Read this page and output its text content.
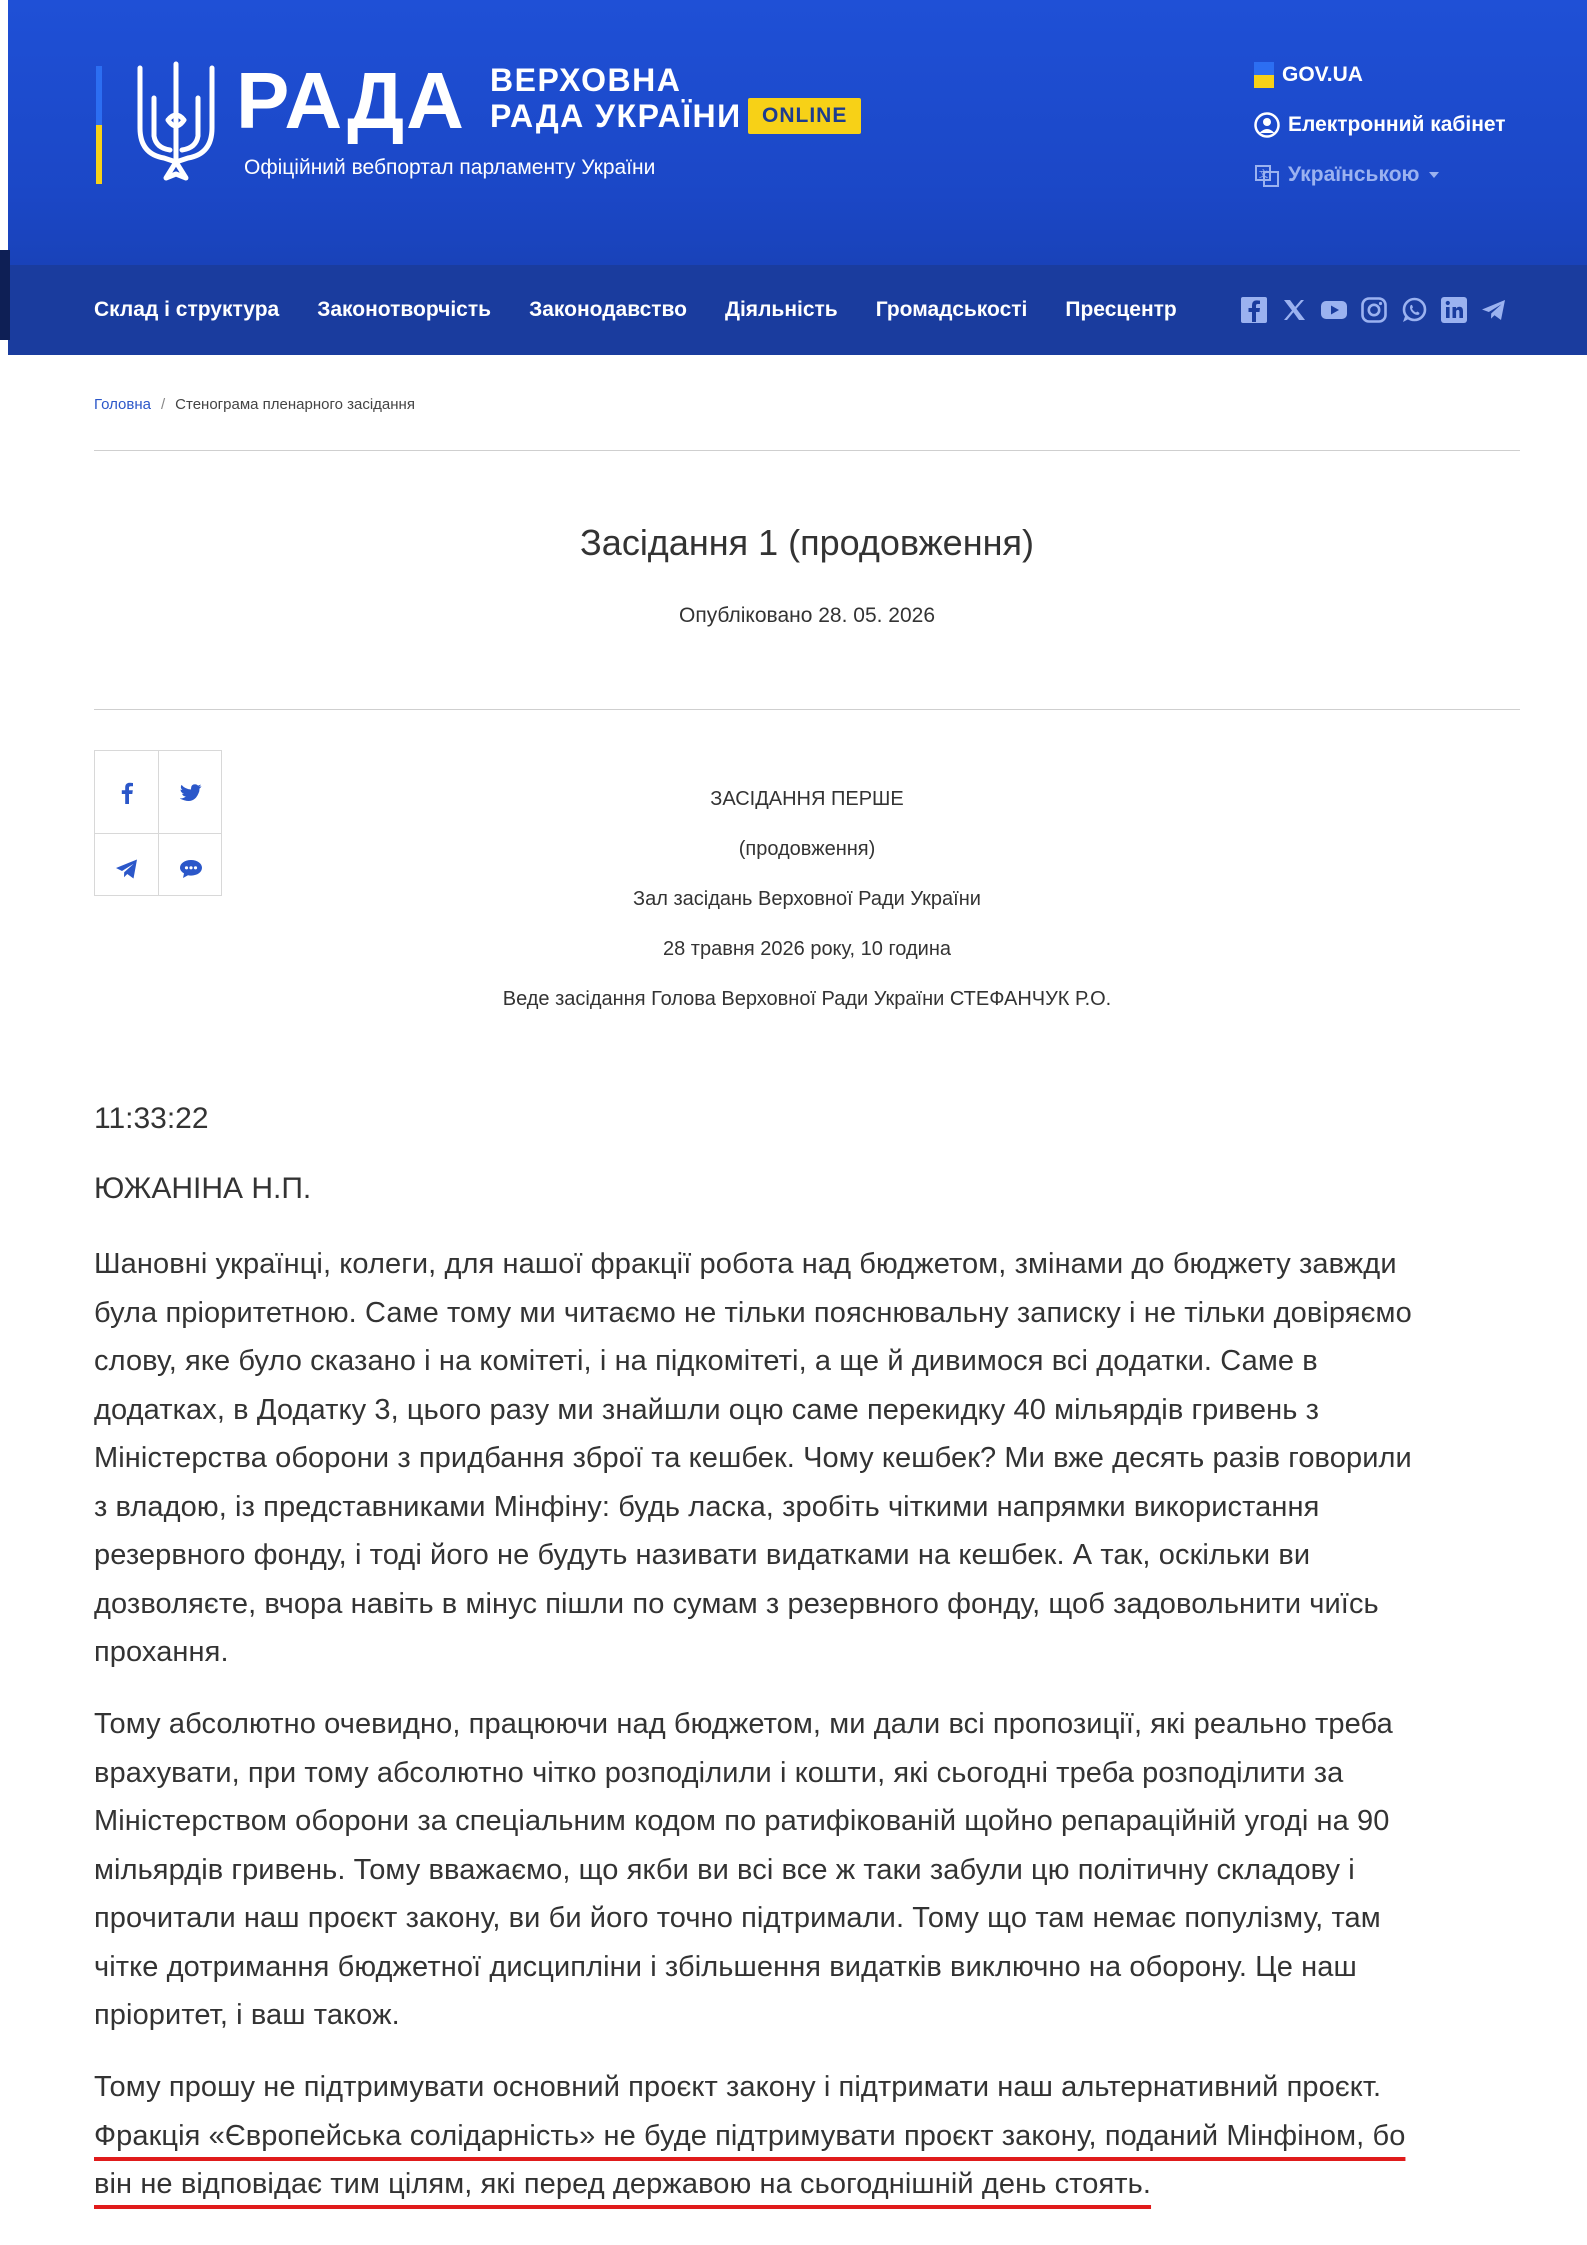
РАДА ВЕРХОВНА
РАДА УКРАЇНИ ONLINE
Офіційний вебпортал парламенту України
GOV.UA
Електронний кабінет
文 Українською
Склад і структура Законотворчість Законодавство Діяльність Громадськості Пресцентр
Головна / Стенограма пленарного засідання
Засідання 1 (продовження)
Опубліковано 28. 05. 2026
ЗАСІДАННЯ ПЕРШЕ
(продовження)
Зал засідань Верховної Ради України
28 травня 2026 року, 10 година
Веде засідання Голова Верховної Ради України СТЕФАНЧУК Р.О.
11:33:22
ЮЖАНІНА Н.П.

Шановні українці, колеги, для нашої фракції робота над бюджетом, змінами до бюджету завжди була пріоритетною. Саме тому ми читаємо не тільки пояснювальну записку і не тільки довіряємо слову, яке було сказано і на комітеті, і на підкомітеті, а ще й дивимося всі додатки. Саме в додатках, в Додатку 3, цього разу ми знайшли оцю саме перекидку 40 мільярдів гривень з Міністерства оборони з придбання зброї та кешбек. Чому кешбек? Ми вже десять разів говорили з владою, із представниками Мінфіну: будь ласка, зробіть чіткими напрямки використання резервного фонду, і тоді його не будуть називати видатками на кешбек. А так, оскільки ви дозволяєте, вчора навіть в мінус пішли по сумам з резервного фонду, щоб задовольнити чиїсь прохання.

Тому абсолютно очевидно, працюючи над бюджетом, ми дали всі пропозиції, які реально треба врахувати, при тому абсолютно чітко розподілили і кошти, які сьогодні треба розподілити за Міністерством оборони за спеціальним кодом по ратифікованій щойно репараційній угоді на 90 мільярдів гривень. Тому вважаємо, що якби ви всі все ж таки забули цю політичну складову і прочитали наш проєкт закону, ви би його точно підтримали. Тому що там немає популізму, там чітке дотримання бюджетної дисципліни і збільшення видатків виключно на оборону. Це наш пріоритет, і ваш також.

Тому прошу не підтримувати основний проєкт закону і підтримати наш альтернативний проєкт. Фракція «Європейська солідарність» не буде підтримувати проєкт закону, поданий Мінфіном, бо він не відповідає тим цілям, які перед державою на сьогоднішній день стоять.
